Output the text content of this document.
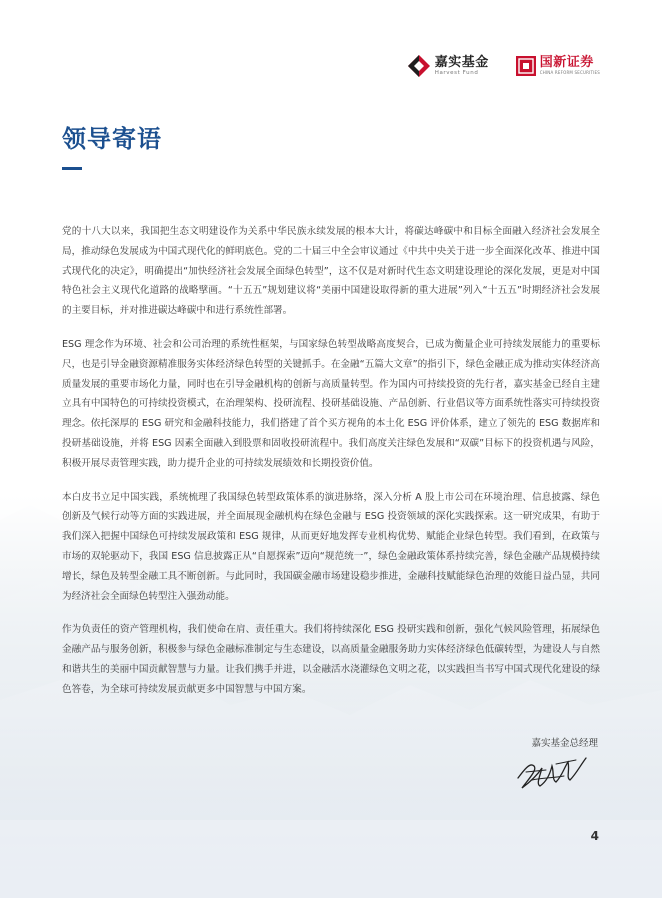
嘉实基金
Harvest Fund
国新证券
CHINA REFORM SECURITIES
领导寄语

党的十八大以来，我国把生态文明建设作为关系中华民族永续发展的根本大计，将碳达峰碳中和目标全面融入经济社会发展全局，推动绿色发展成为中国式现代化的鲜明底色。党的二十届三中全会审议通过《中共中央关于进一步全面深化改革、推进中国式现代化的决定》，明确提出“加快经济社会发展全面绿色转型”，这不仅是对新时代生态文明建设理论的深化发展，更是对中国特色社会主义现代化道路的战略擘画。“十五五”规划建议将“美丽中国建设取得新的重大进展”列入“十五五”时期经济社会发展的主要目标，并对推进碳达峰碳中和进行系统性部署。

ESG 理念作为环境、社会和公司治理的系统性框架，与国家绿色转型战略高度契合，已成为衡量企业可持续发展能力的重要标尺，也是引导金融资源精准服务实体经济绿色转型的关键抓手。在金融“五篇大文章”的指引下，绿色金融正成为推动实体经济高质量发展的重要市场化力量，同时也在引导金融机构的创新与高质量转型。作为国内可持续投资的先行者，嘉实基金已经自主建立具有中国特色的可持续投资模式，在治理架构、投研流程、投研基础设施、产品创新、行业倡议等方面系统性落实可持续投资理念。依托深厚的 ESG 研究和金融科技能力，我们搭建了首个买方视角的本土化 ESG 评价体系，建立了领先的 ESG 数据库和投研基础设施，并将 ESG 因素全面融入到股票和固收投研流程中。我们高度关注绿色发展和“双碳”目标下的投资机遇与风险，积极开展尽责管理实践，助力提升企业的可持续发展绩效和长期投资价值。

本白皮书立足中国实践，系统梳理了我国绿色转型政策体系的演进脉络，深入分析 A 股上市公司在环境治理、信息披露、绿色创新及气候行动等方面的实践进展，并全面展现金融机构在绿色金融与 ESG 投资领域的深化实践探索。这一研究成果，有助于我们深入把握中国绿色可持续发展政策和 ESG 规律，从而更好地发挥专业机构优势、赋能企业绿色转型。我们看到，在政策与市场的双轮驱动下，我国 ESG 信息披露正从“自愿探索”迈向“规范统一”，绿色金融政策体系持续完善，绿色金融产品规模持续增长，绿色及转型金融工具不断创新。与此同时，我国碳金融市场建设稳步推进，金融科技赋能绿色治理的效能日益凸显，共同为经济社会全面绿色转型注入强劲动能。

作为负责任的资产管理机构，我们使命在肩、责任重大。我们将持续深化 ESG 投研实践和创新，强化气候风险管理，拓展绿色金融产品与服务创新，积极参与绿色金融标准制定与生态建设，以高质量金融服务助力实体经济绿色低碳转型，为建设人与自然和谐共生的美丽中国贡献智慧与力量。让我们携手并进，以金融活水浇灌绿色文明之花，以实践担当书写中国式现代化建设的绿色答卷，为全球可持续发展贡献更多中国智慧与中国方案。

嘉实基金总经理
4
